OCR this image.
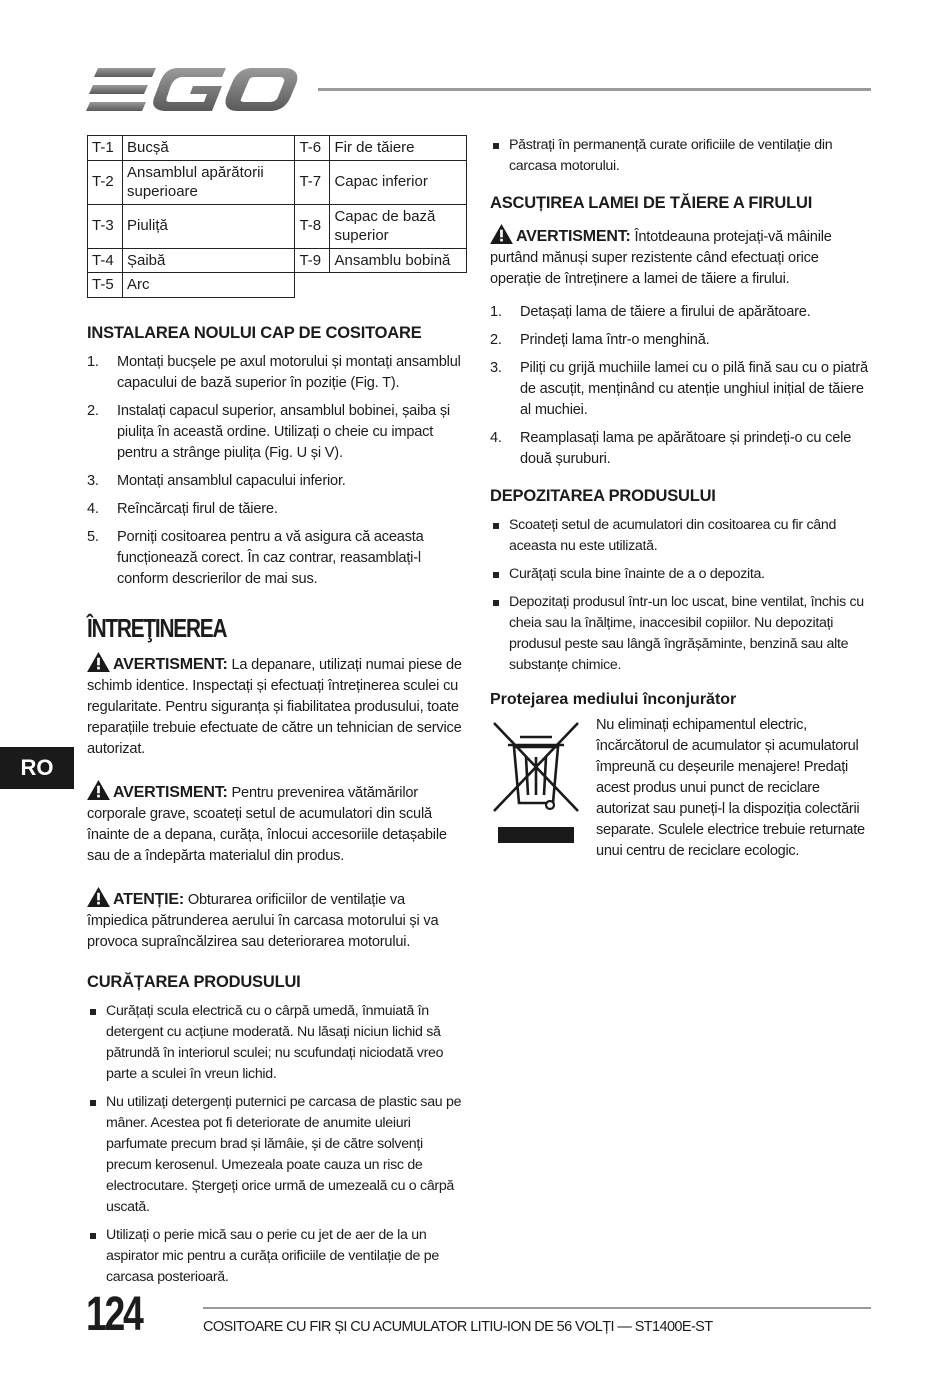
T-1	Bucșă	T-6	Fir de tăiere
T-2	Ansamblul apărătorii superioare	T-7	Capac inferior
T-3	Piuliță	T-8	Capac de bază superior
T-4	Șaibă	T-9	Ansamblu bobină
T-5	Arc		
INSTALAREA NOULUI CAP DE COSITOARE
1. Montați bucșele pe axul motorului și montați ansamblul capacului de bază superior în poziție (Fig. T).
2. Instalați capacul superior, ansamblul bobinei, șaiba și piulița în această ordine. Utilizați o cheie cu impact pentru a strânge piulița (Fig. U și V).
3. Montați ansamblul capacului inferior.
4. Reîncărcați firul de tăiere.
5. Porniți cositoarea pentru a vă asigura că aceasta funcționează corect. În caz contrar, reasamblați-l conform descrierilor de mai sus.
ÎNTREŢINEREA

AVERTISMENT: La depanare, utilizați numai piese de schimb identice. Inspectați și efectuați întreținerea sculei cu regularitate. Pentru siguranța și fiabilitatea produsului, toate reparațiile trebuie efectuate de către un tehnician de service autorizat.

AVERTISMENT: Pentru prevenirea vătămărilor corporale grave, scoateți setul de acumulatori din sculă înainte de a depana, curăța, înlocui accesoriile detașabile sau de a îndepărta materialul din produs.

ATENȚIE: Obturarea orificiilor de ventilație va împiedica pătrunderea aerului în carcasa motorului și va provoca supraîncălzirea sau deteriorarea motorului.

CURĂȚAREA PRODUSULUI
Curățați scula electrică cu o cârpă umedă, înmuiată în detergent cu acțiune moderată. Nu lăsați niciun lichid să pătrundă în interiorul sculei; nu scufundați niciodată vreo parte a sculei în vreun lichid.
Nu utilizați detergenți puternici pe carcasa de plastic sau pe mâner. Acestea pot fi deteriorate de anumite uleiuri parfumate precum brad și lămâie, și de către solvenți precum kerosenul. Umezeala poate cauza un risc de electrocutare. Ștergeți orice urmă de umezeală cu o cârpă uscată.
Utilizați o perie mică sau o perie cu jet de aer de la un aspirator mic pentru a curăța orificiile de ventilație de pe carcasa posterioară.
Păstrați în permanență curate orificiile de ventilație din carcasa motorului.
ASCUȚIREA LAMEI DE TĂIERE A FIRULUI

AVERTISMENT: Întotdeauna protejați-vă mâinile purtând mănuși super rezistente când efectuați orice operație de întreținere a lamei de tăiere a firului.

1. Detașați lama de tăiere a firului de apărătoare.
2. Prindeți lama într-o menghină.
3. Piliți cu grijă muchiile lamei cu o pilă fină sau cu o piatră de ascuțit, menținând cu atenție unghiul inițial de tăiere al muchiei.
4. Reamplasați lama pe apărătoare și prindeți-o cu cele două șuruburi.
DEPOZITAREA PRODUSULUI
Scoateți setul de acumulatori din cositoarea cu fir când aceasta nu este utilizată.
Curățați scula bine înainte de a o depozita.
Depozitați produsul într-un loc uscat, bine ventilat, închis cu cheia sau la înălțime, inaccesibil copiilor. Nu depozitați produsul peste sau lângă îngrășăminte, benzină sau alte substanțe chimice.
Protejarea mediului înconjurător

Nu eliminați echipamentul electric, încărcătorul de acumulator și acumulatorul împreună cu deșeurile menajere! Predați acest produs unui punct de reciclare autorizat sau puneți-l la dispoziția colectării separate. Sculele electrice trebuie returnate unui centru de reciclare ecologic.

RO
124	COSITOARE CU FIR ȘI CU ACUMULATOR LITIU-ION DE 56 VOLȚI — ST1400E-ST
